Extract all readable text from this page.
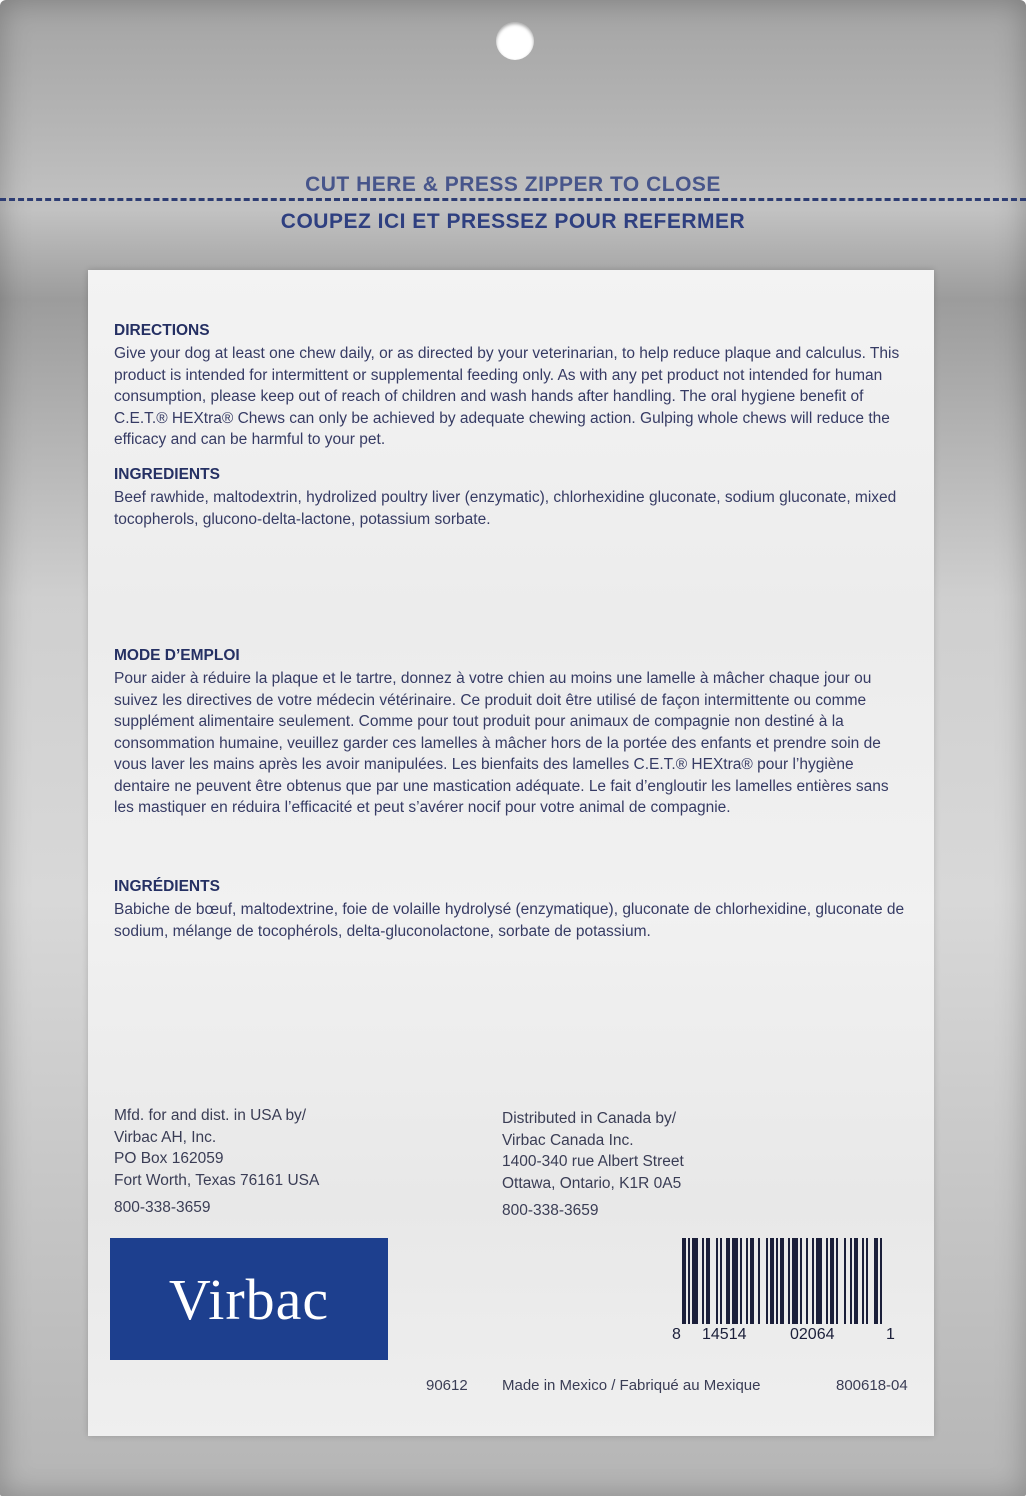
CUT HERE & PRESS ZIPPER TO CLOSE

COUPEZ ICI ET PRESSEZ POUR REFERMER

DIRECTIONS

Give your dog at least one chew daily, or as directed by your veterinarian, to help reduce plaque and calculus. This product is intended for intermittent or supplemental feeding only. As with any pet product not intended for human consumption, please keep out of reach of children and wash hands after handling. The oral hygiene benefit of C.E.T.® HEXtra® Chews can only be achieved by adequate chewing action. Gulping whole chews will reduce the efficacy and can be harmful to your pet.

INGREDIENTS

Beef rawhide, maltodextrin, hydrolized poultry liver (enzymatic), chlorhexidine gluconate, sodium gluconate, mixed tocopherols, glucono-delta-lactone, potassium sorbate.

MODE D’EMPLOI

Pour aider à réduire la plaque et le tartre, donnez à votre chien au moins une lamelle à mâcher chaque jour ou suivez les directives de votre médecin vétérinaire. Ce produit doit être utilisé de façon intermittente ou comme supplément alimentaire seulement. Comme pour tout produit pour animaux de compagnie non destiné à la consommation humaine, veuillez garder ces lamelles à mâcher hors de la portée des enfants et prendre soin de vous laver les mains après les avoir manipulées. Les bienfaits des lamelles C.E.T.® HEXtra® pour l’hygiène dentaire ne peuvent être obtenus que par une mastication adéquate. Le fait d’engloutir les lamelles entières sans les mastiquer en réduira l’efficacité et peut s’avérer nocif pour votre animal de compagnie.

INGRÉDIENTS

Babiche de bœuf, maltodextrine, foie de volaille hydrolysé (enzymatique), gluconate de chlorhexidine, gluconate de sodium, mélange de tocophérols, delta-gluconolactone, sorbate de potassium.

Mfd. for and dist. in USA by/
Virbac AH, Inc.
PO Box 162059
Fort Worth, Texas 76161 USA
800-338-3659
Distributed in Canada by/
Virbac Canada Inc.
1400-340 rue Albert Street
Ottawa, Ontario, K1R 0A5
800-338-3659
Virbac
8 14514	02064	1
90612 Made in Mexico / Fabriqué au Mexique	800618-04
